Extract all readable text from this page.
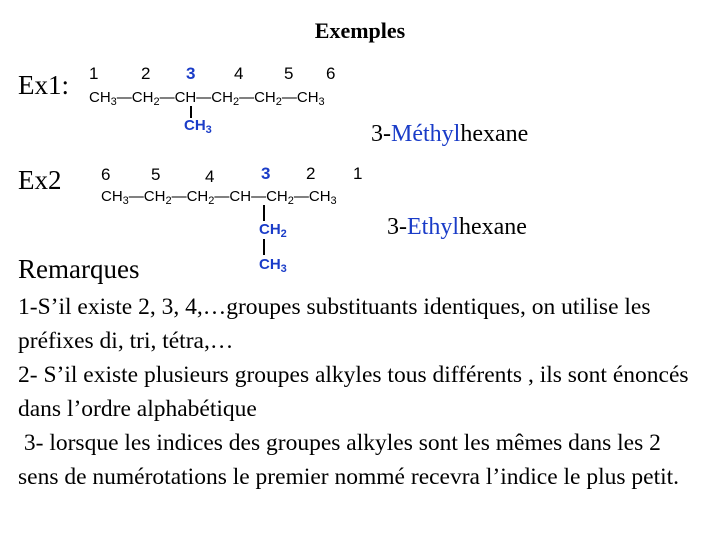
Exemples
Ex1: 1	2 3 4 5 6
$CH_3—CH_2—CH—CH_2—CH_2—CH_3$
$CH_3$	3-Méthylhexane
Ex2 6 5	4	3 2 1
$CH_3—CH_2—CH_2—CH—CH_2—CH_3$
$CH_2$
$CH_3$
3-Ethylhexane
Remarques
1-S’il existe 2, 3, 4,…groupes substituants identiques, on utilise les préfixes di, tri, tétra,…
2- S’il existe plusieurs groupes alkyles tous différents , ils sont énoncés dans l’ordre alphabétique
3- lorsque les indices des groupes alkyles sont les mêmes dans les 2 sens de numérotations le premier nommé recevra l’indice le plus petit.
